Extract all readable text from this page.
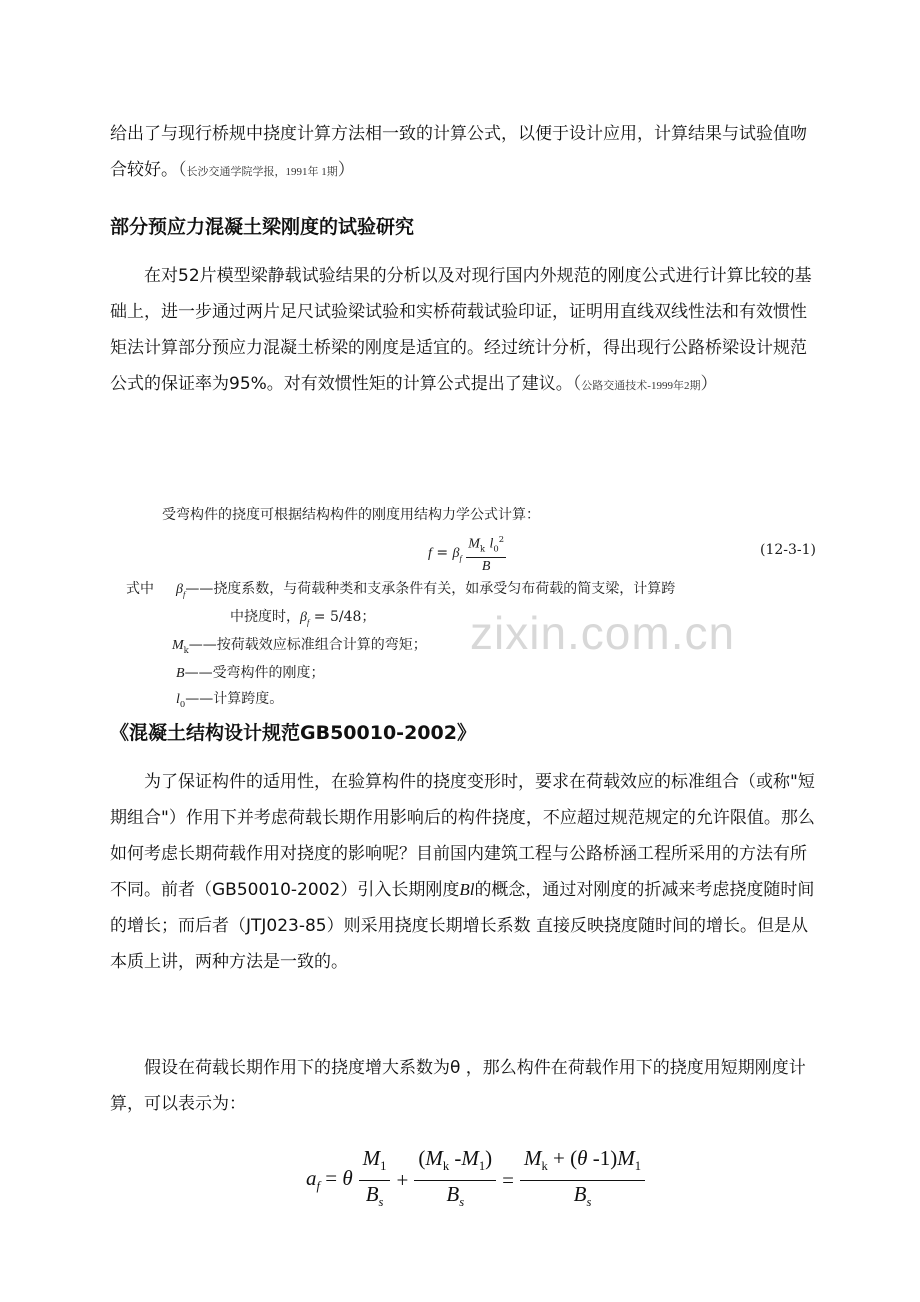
给出了与现行桥规中挠度计算方法相一致的计算公式，以便于设计应用，计算结果与试验值吻合较好。（长沙交通学院学报，1991年 1期）

部分预应力混凝土梁刚度的试验研究

在对52片模型梁静载试验结果的分析以及对现行国内外规范的刚度公式进行计算比较的基础上，进一步通过两片足尺试验梁试验和实桥荷载试验印证，证明用直线双线性法和有效惯性矩法计算部分预应力混凝土桥梁的刚度是适宜的。经过统计分析，得出现行公路桥梁设计规范公式的保证率为95%。对有效惯性矩的计算公式提出了建议。（公路交通技术-1999年2期）

受弯构件的挠度可根据结构构件的刚度用结构力学公式计算：
$f = \beta_f \frac{M_k l_0^2}{B}$	(12-3-1)
式中 $\beta_f——$挠度系数，与荷载种类和支承条件有关，如承受匀布荷载的简支梁，计算跨
中挠度时，$\beta_f = 5/48$；
$M_k——$按荷载效应标准组合计算的弯矩；
B——受弯构件的刚度；
$l_0——$计算跨度。
zixin.com.cn
《混凝土结构设计规范GB50010-2002》

为了保证构件的适用性，在验算构件的挠度变形时，要求在荷载效应的标准组合（或称"短期组合"）作用下并考虑荷载长期作用影响后的构件挠度，不应超过规范规定的允许限值。那么如何考虑长期荷载作用对挠度的影响呢？目前国内建筑工程与公路桥涵工程所采用的方法有所不同。前者（GB50010-2002）引入长期刚度Bl的概念，通过对刚度的折减来考虑挠度随时间的增长；而后者（JTJ023-85）则采用挠度长期增长系数 直接反映挠度随时间的增长。但是从本质上讲，两种方法是一致的。

假设在荷载长期作用下的挠度增大系数为θ ，那么构件在荷载作用下的挠度用短期刚度计算，可以表示为：

$a_f = \theta \frac{M_1}{B_s} + \frac{(M_k -M_1)}{B_s} = \frac{M_k + (\theta -1)M_1}{B_s}$
